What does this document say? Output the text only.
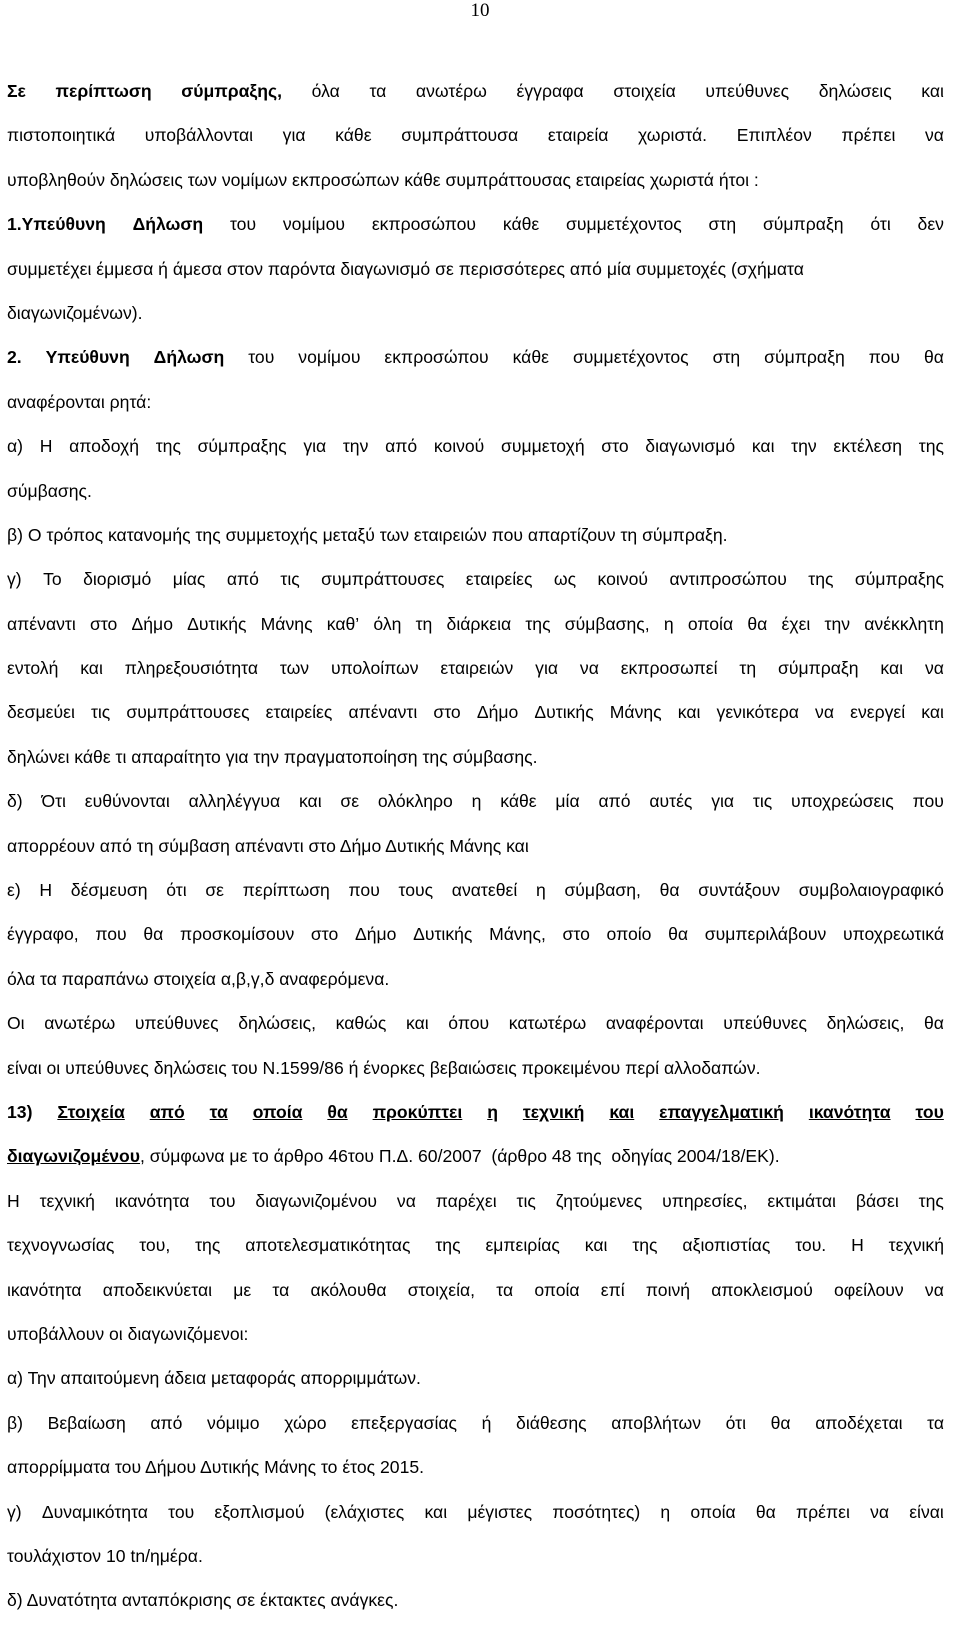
10
Σε περίπτωση σύμπραξης, όλα τα ανωτέρω έγγραφα στοιχεία υπεύθυνες δηλώσεις και
πιστοποιητικά υποβάλλονται για κάθε συμπράττουσα εταιρεία χωριστά. Επιπλέον πρέπει να
υποβληθούν δηλώσεις των νομίμων εκπροσώπων κάθε συμπράττουσας εταιρείας χωριστά ήτοι :
1.Υπεύθυνη Δήλωση του νομίμου εκπροσώπου κάθε συμμετέχοντος στη σύμπραξη ότι δεν
συμμετέχει έμμεσα ή άμεσα στον παρόντα διαγωνισμό σε περισσότερες από μία συμμετοχές (σχήματα
διαγωνιζομένων).
2. Υπεύθυνη Δήλωση του νομίμου εκπροσώπου κάθε συμμετέχοντος στη σύμπραξη που θα
αναφέρονται ρητά:
α) Η αποδοχή της σύμπραξης για την από κοινού συμμετοχή στο διαγωνισμό και την εκτέλεση της
σύμβασης.
β) Ο τρόπος κατανομής της συμμετοχής μεταξύ των εταιρειών που απαρτίζουν τη σύμπραξη.
γ) Το διορισμό μίας από τις συμπράττουσες εταιρείες ως κοινού αντιπροσώπου της σύμπραξης
απέναντι στο Δήμο Δυτικής Μάνης καθ’ όλη τη διάρκεια της σύμβασης, η οποία θα έχει την ανέκκλητη
εντολή και πληρεξουσιότητα των υπολοίπων εταιρειών για να εκπροσωπεί τη σύμπραξη και να
δεσμεύει τις συμπράττουσες εταιρείες απέναντι στο Δήμο Δυτικής Μάνης και γενικότερα να ενεργεί και
δηλώνει κάθε τι απαραίτητο για την πραγματοποίηση της σύμβασης.
δ) Ότι ευθύνονται αλληλέγγυα και σε ολόκληρο η κάθε μία από αυτές για τις υποχρεώσεις που
απορρέουν από τη σύμβαση απέναντι στο Δήμο Δυτικής Μάνης και
ε) Η δέσμευση ότι σε περίπτωση που τους ανατεθεί η σύμβαση, θα συντάξουν συμβολαιογραφικό
έγγραφο, που θα προσκομίσουν στο Δήμο Δυτικής Μάνης, στο οποίο θα συμπεριλάβουν υποχρεωτικά
όλα τα παραπάνω στοιχεία α,β,γ,δ αναφερόμενα.
Οι ανωτέρω υπεύθυνες δηλώσεις, καθώς και όπου κατωτέρω αναφέρονται υπεύθυνες δηλώσεις, θα
είναι οι υπεύθυνες δηλώσεις του Ν.1599/86 ή ένορκες βεβαιώσεις προκειμένου περί αλλοδαπών.
13) Στοιχεία από τα οποία θα προκύπτει η τεχνική και επαγγελματική ικανότητα του
διαγωνιζομένου , σύμφωνα με το άρθρο 46του Π.Δ. 60/2007  (άρθρο 48 της  οδηγίας 2004/18/ΕΚ).
Η τεχνική ικανότητα του διαγωνιζομένου να παρέχει τις ζητούμενες υπηρεσίες, εκτιμάται βάσει της
τεχνογνωσίας του, της αποτελεσματικότητας της εμπειρίας και της αξιοπιστίας του. Η τεχνική
ικανότητα αποδεικνύεται με τα ακόλουθα στοιχεία, τα οποία επί ποινή αποκλεισμού οφείλουν να
υποβάλλουν οι διαγωνιζόμενοι:
α) Την απαιτούμενη άδεια μεταφοράς απορριμμάτων.
β) Βεβαίωση από νόμιμο χώρο επεξεργασίας ή διάθεσης αποβλήτων ότι θα αποδέχεται τα
απορρίμματα του Δήμου Δυτικής Μάνης το έτος 2015.
γ) Δυναμικότητα του εξοπλισμού (ελάχιστες και μέγιστες ποσότητες) η οποία θα πρέπει να είναι
τουλάχιστον 10 tn/ημέρα.
δ) Δυνατότητα ανταπόκρισης σε έκτακτες ανάγκες.
